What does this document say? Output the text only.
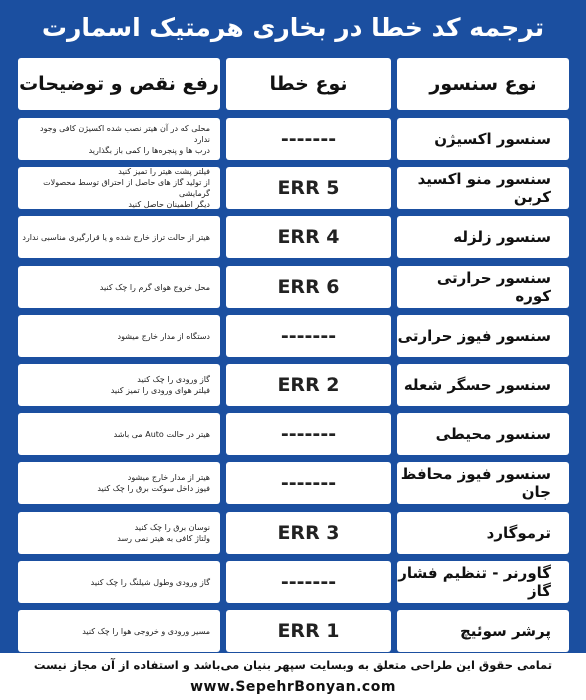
ترجمه کد خطا در بخاری هرمتیک اسمارت
نوع سنسور
نوع خطا
رفع نقص و توضیحات
سنسور اکسیژن
-------
محلی که در آن هیتر نصب شده اکسیژن کافی وجود ندارد
درب ها و پنجره‌ها را کمی باز بگذارید
سنسور منو اکسید کربن
ERR 5
فیلتر پشت هیتر را تمیز کنید
از تولید گاز های حاصل از احتراق توسط محصولات گرمایشی
دیگر اطمینان حاصل کنید
سنسور زلزله
ERR 4
هیتر از حالت تراز خارج شده و یا قرارگیری مناسبی ندارد
سنسور حرارتی کوره
ERR 6
محل خروج هوای گرم را چک کنید
سنسور فیوز حرارتی
-------
دستگاه از مدار خارج میشود
سنسور حسگر شعله
ERR 2
گاز ورودی را چک کنید
فیلتر هوای ورودی را تمیز کنید
سنسور محیطی
-------
هیتر در حالت Auto می باشد
سنسور فیوز محافظ جان
-------
هیتر از مدار خارج میشود
فیوز داخل سوکت برق را چک کنید
ترموگارد
ERR 3
نوسان برق را چک کنید
ولتاژ کافی به هیتر نمی رسد
گاورنر - تنظیم فشار گاز
-------
گاز ورودی وطول شیلنگ را چک کنید
پرشر سوئیچ
ERR 1
مسیر ورودی و خروجی هوا را چک کنید
تمامی حقوق این طراحی متعلق به وبسایت سپهر بنیان می‌باشد و استفاده از آن مجاز نیست
www.SepehrBonyan.com
